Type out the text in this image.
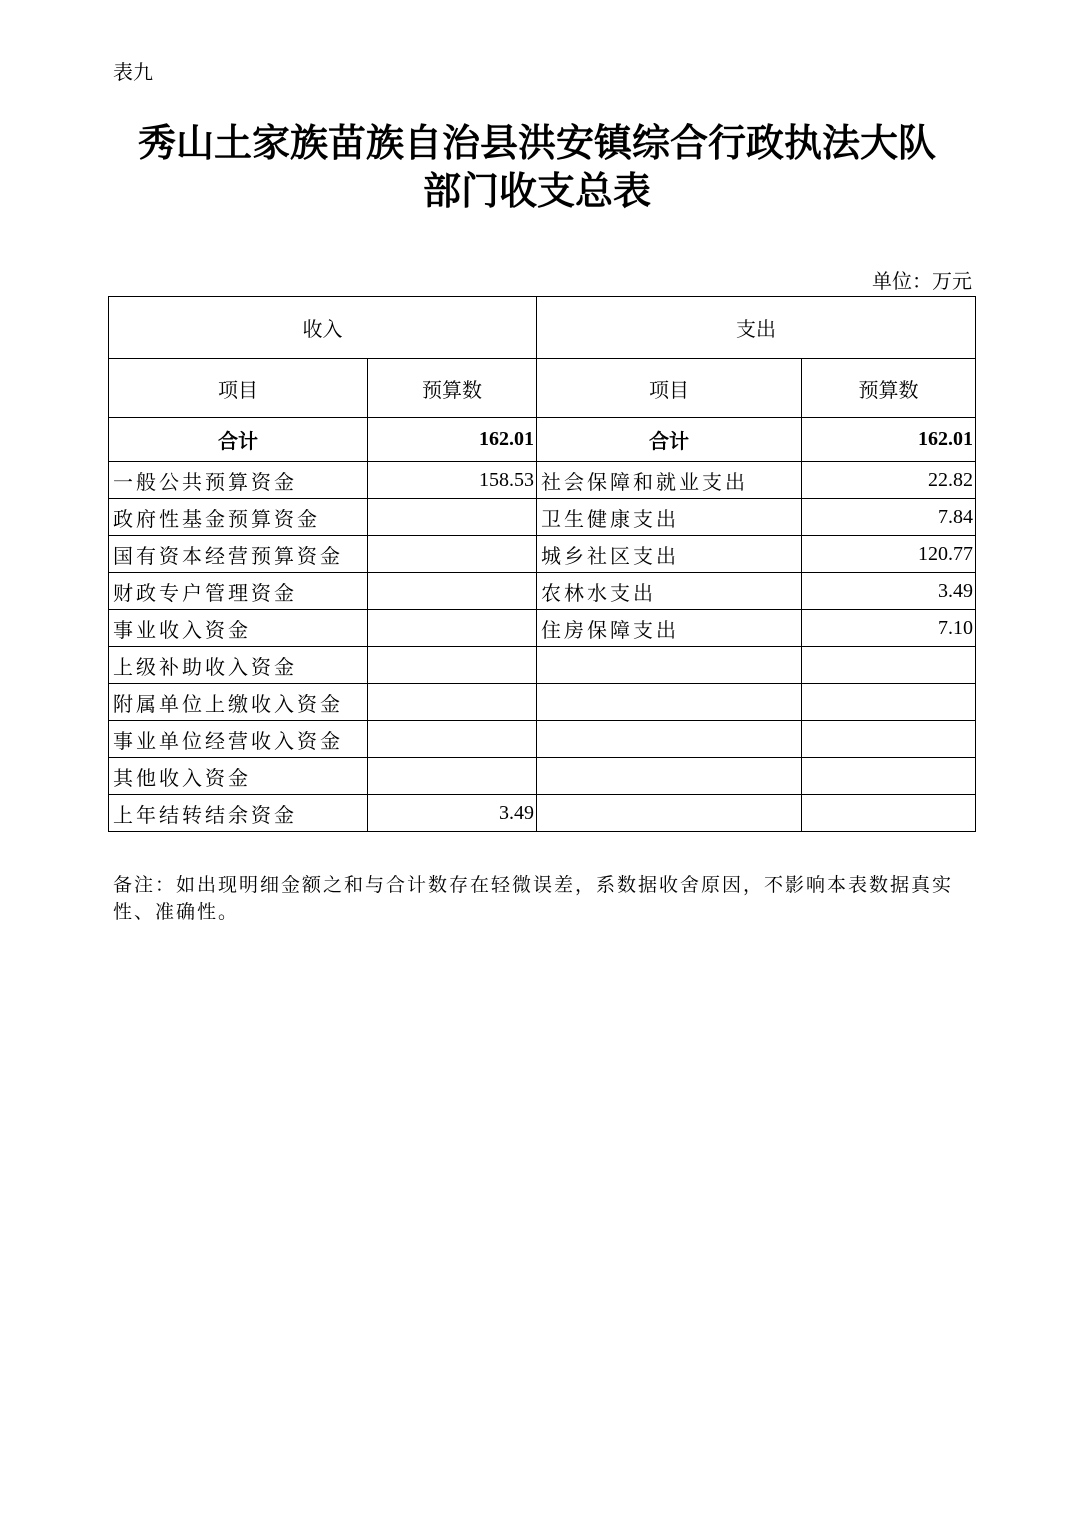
表九
秀山土家族苗族自治县洪安镇综合行政执法大队
部门收支总表
单位：万元
收入		支出	
项目	预算数	项目	预算数
合计	162.01	合计	162.01
一般公共预算资金	158.53	社会保障和就业支出	22.82
政府性基金预算资金		卫生健康支出	7.84
国有资本经营预算资金		城乡社区支出	120.77
财政专户管理资金		农林水支出	3.49
事业收入资金		住房保障支出	7.10
上级补助收入资金			
附属单位上缴收入资金			
事业单位经营收入资金			
其他收入资金			
上年结转结余资金	3.49		
备注：如出现明细金额之和与合计数存在轻微误差，系数据收舍原因，不影响本表数据真实性、准确性。
